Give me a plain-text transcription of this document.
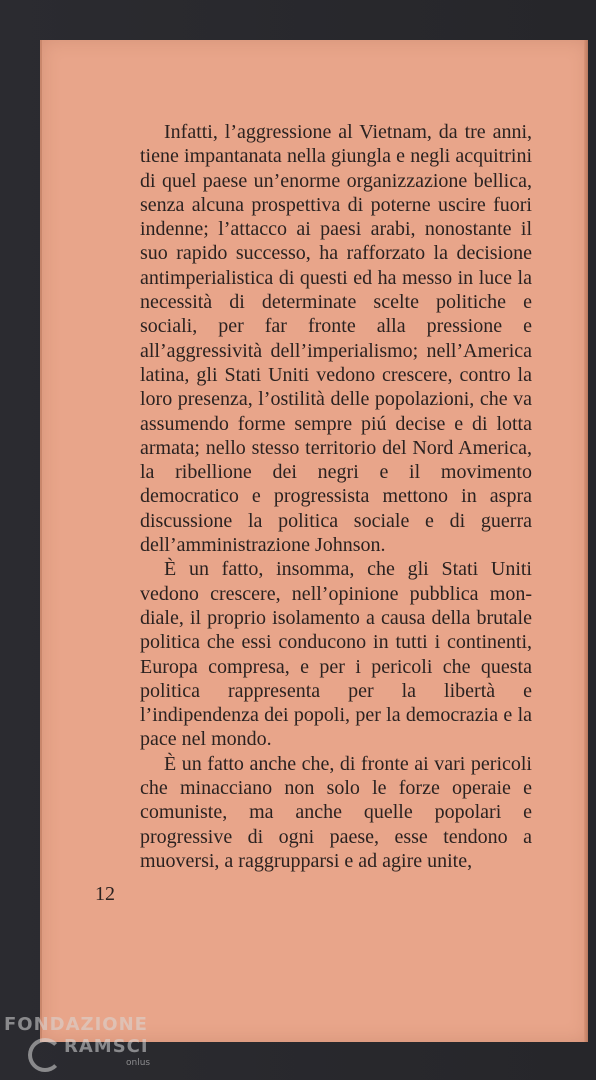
Infatti, l’aggressione al Vietnam, da tre anni, tiene impantanata nella giungla e negli acquitrini di quel paese un’enorme organizzazione bellica, senza alcuna prospettiva di poterne uscire fuori indenne; l’attacco ai paesi arabi, nonostante il suo rapido successo, ha rafforzato la decisione antimperialistica di questi ed ha messo in luce la necessità di determinate scelte politiche e sociali, per far fronte alla pressione e all’aggressività dell’imperialismo; nell’America latina, gli Stati Uniti vedono crescere, contro la loro presenza, l’ostilità delle popolazioni, che va assumendo forme sempre piú decise e di lotta armata; nello stesso territorio del Nord America, la ribellione dei negri e il movimento democratico e progressista mettono in aspra discussione la politica sociale e di guerra dell’amministrazione Johnson.

È un fatto, insomma, che gli Stati Uniti vedono crescere, nell’opinione pubblica mondiale, il proprio isolamento a causa della brutale politica che essi conducono in tutti i continenti, Europa compresa, e per i pericoli che questa politica rappresenta per la libertà e l’indipendenza dei popoli, per la democrazia e la pace nel mondo.

È un fatto anche che, di fronte ai vari pericoli che minacciano non solo le forze operaie e comuniste, ma anche quelle popolari e progressive di ogni paese, esse tendono a muoversi, a raggrupparsi e ad agire unite,

12
FONDAZIONE
RAMSCI
onlus
